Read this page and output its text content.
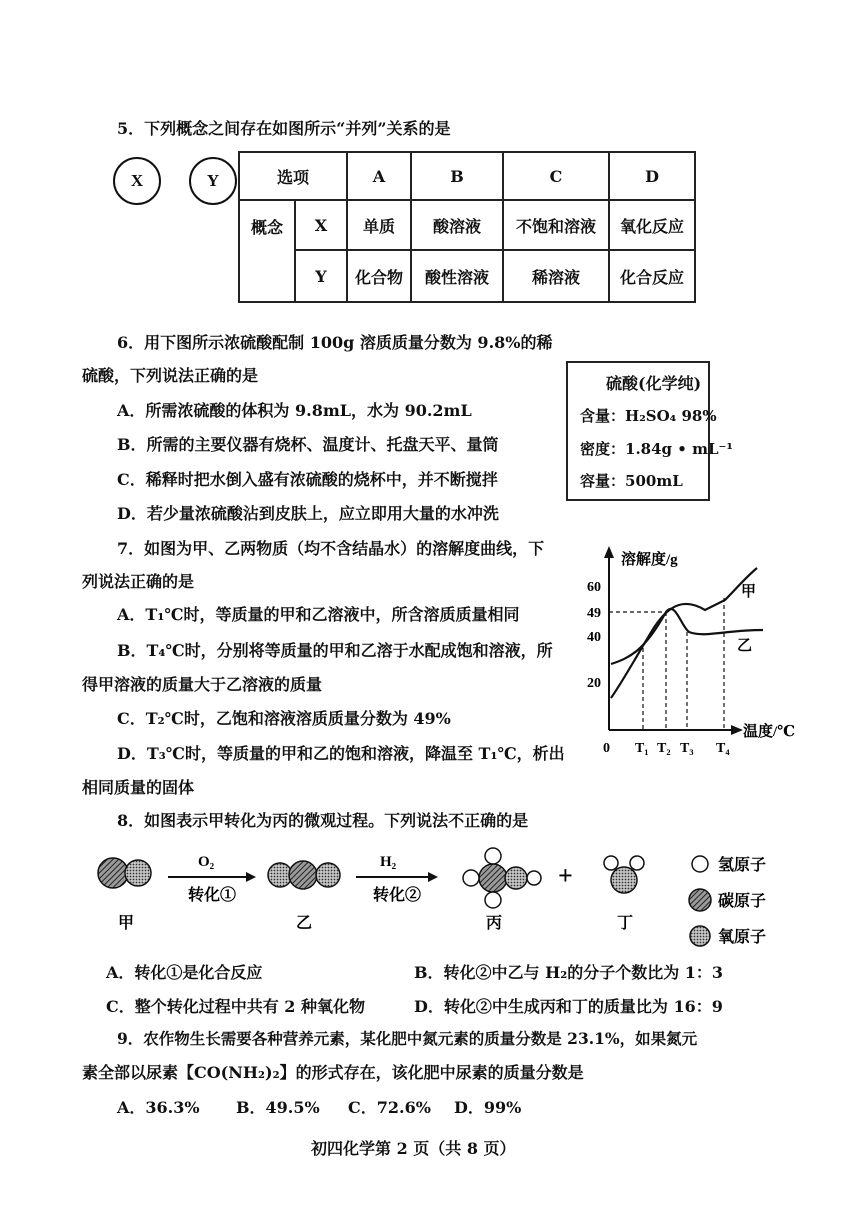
5．下列概念之间存在如图所示“并列”关系的是
X	Y	选项		A	B	C	D
概念	X	单质	酸溶液	不饱和溶液	氧化反应
	Y	化合物	酸性溶液	稀溶液	化合反应
6．用下图所示浓硫酸配制 100g 溶质质量分数为 9.8%的稀
硫酸，下列说法正确的是
A．所需浓硫酸的体积为 9.8mL，水为 90.2mL
B．所需的主要仪器有烧杯、温度计、托盘天平、量筒
C．稀释时把水倒入盛有浓硫酸的烧杯中，并不断搅拌
D．若少量浓硫酸沾到皮肤上，应立即用大量的水冲洗
硫酸(化学纯)
含量：H₂SO₄ 98%
密度：1.84g • mL⁻¹
容量：500mL
7．如图为甲、乙两物质（均不含结晶水）的溶解度曲线，下
列说法正确的是
A．T₁℃时，等质量的甲和乙溶液中，所含溶质质量相同
B．T₄℃时，分别将等质量的甲和乙溶于水配成饱和溶液，所
得甲溶液的质量大于乙溶液的质量
C．T₂℃时，乙饱和溶液溶质质量分数为 49%
D．T₃℃时，等质量的甲和乙的饱和溶液，降温至 T₁℃，析出
相同质量的固体
溶解度/g
温度/℃
60
49
40
20
0 T₁ T₂ T₃ T₄
甲
乙
8．如图表示甲转化为丙的微观过程。下列说法不正确的是
O₂
转化①
H₂
转化②
+
甲	乙	丙	丁
氢原子
碳原子
氧原子
A．转化①是化合反应	B．转化②中乙与 H₂的分子个数比为 1：3
C．整个转化过程中共有 2 种氧化物	D．转化②中生成丙和丁的质量比为 16：9
9．农作物生长需要各种营养元素，某化肥中氮元素的质量分数是 23.1%，如果氮元
素全部以尿素【CO(NH₂)₂】的形式存在，该化肥中尿素的质量分数是
A．36.3% B．49.5% C．72.6% D．99%
初四化学第 2 页（共 8 页）
